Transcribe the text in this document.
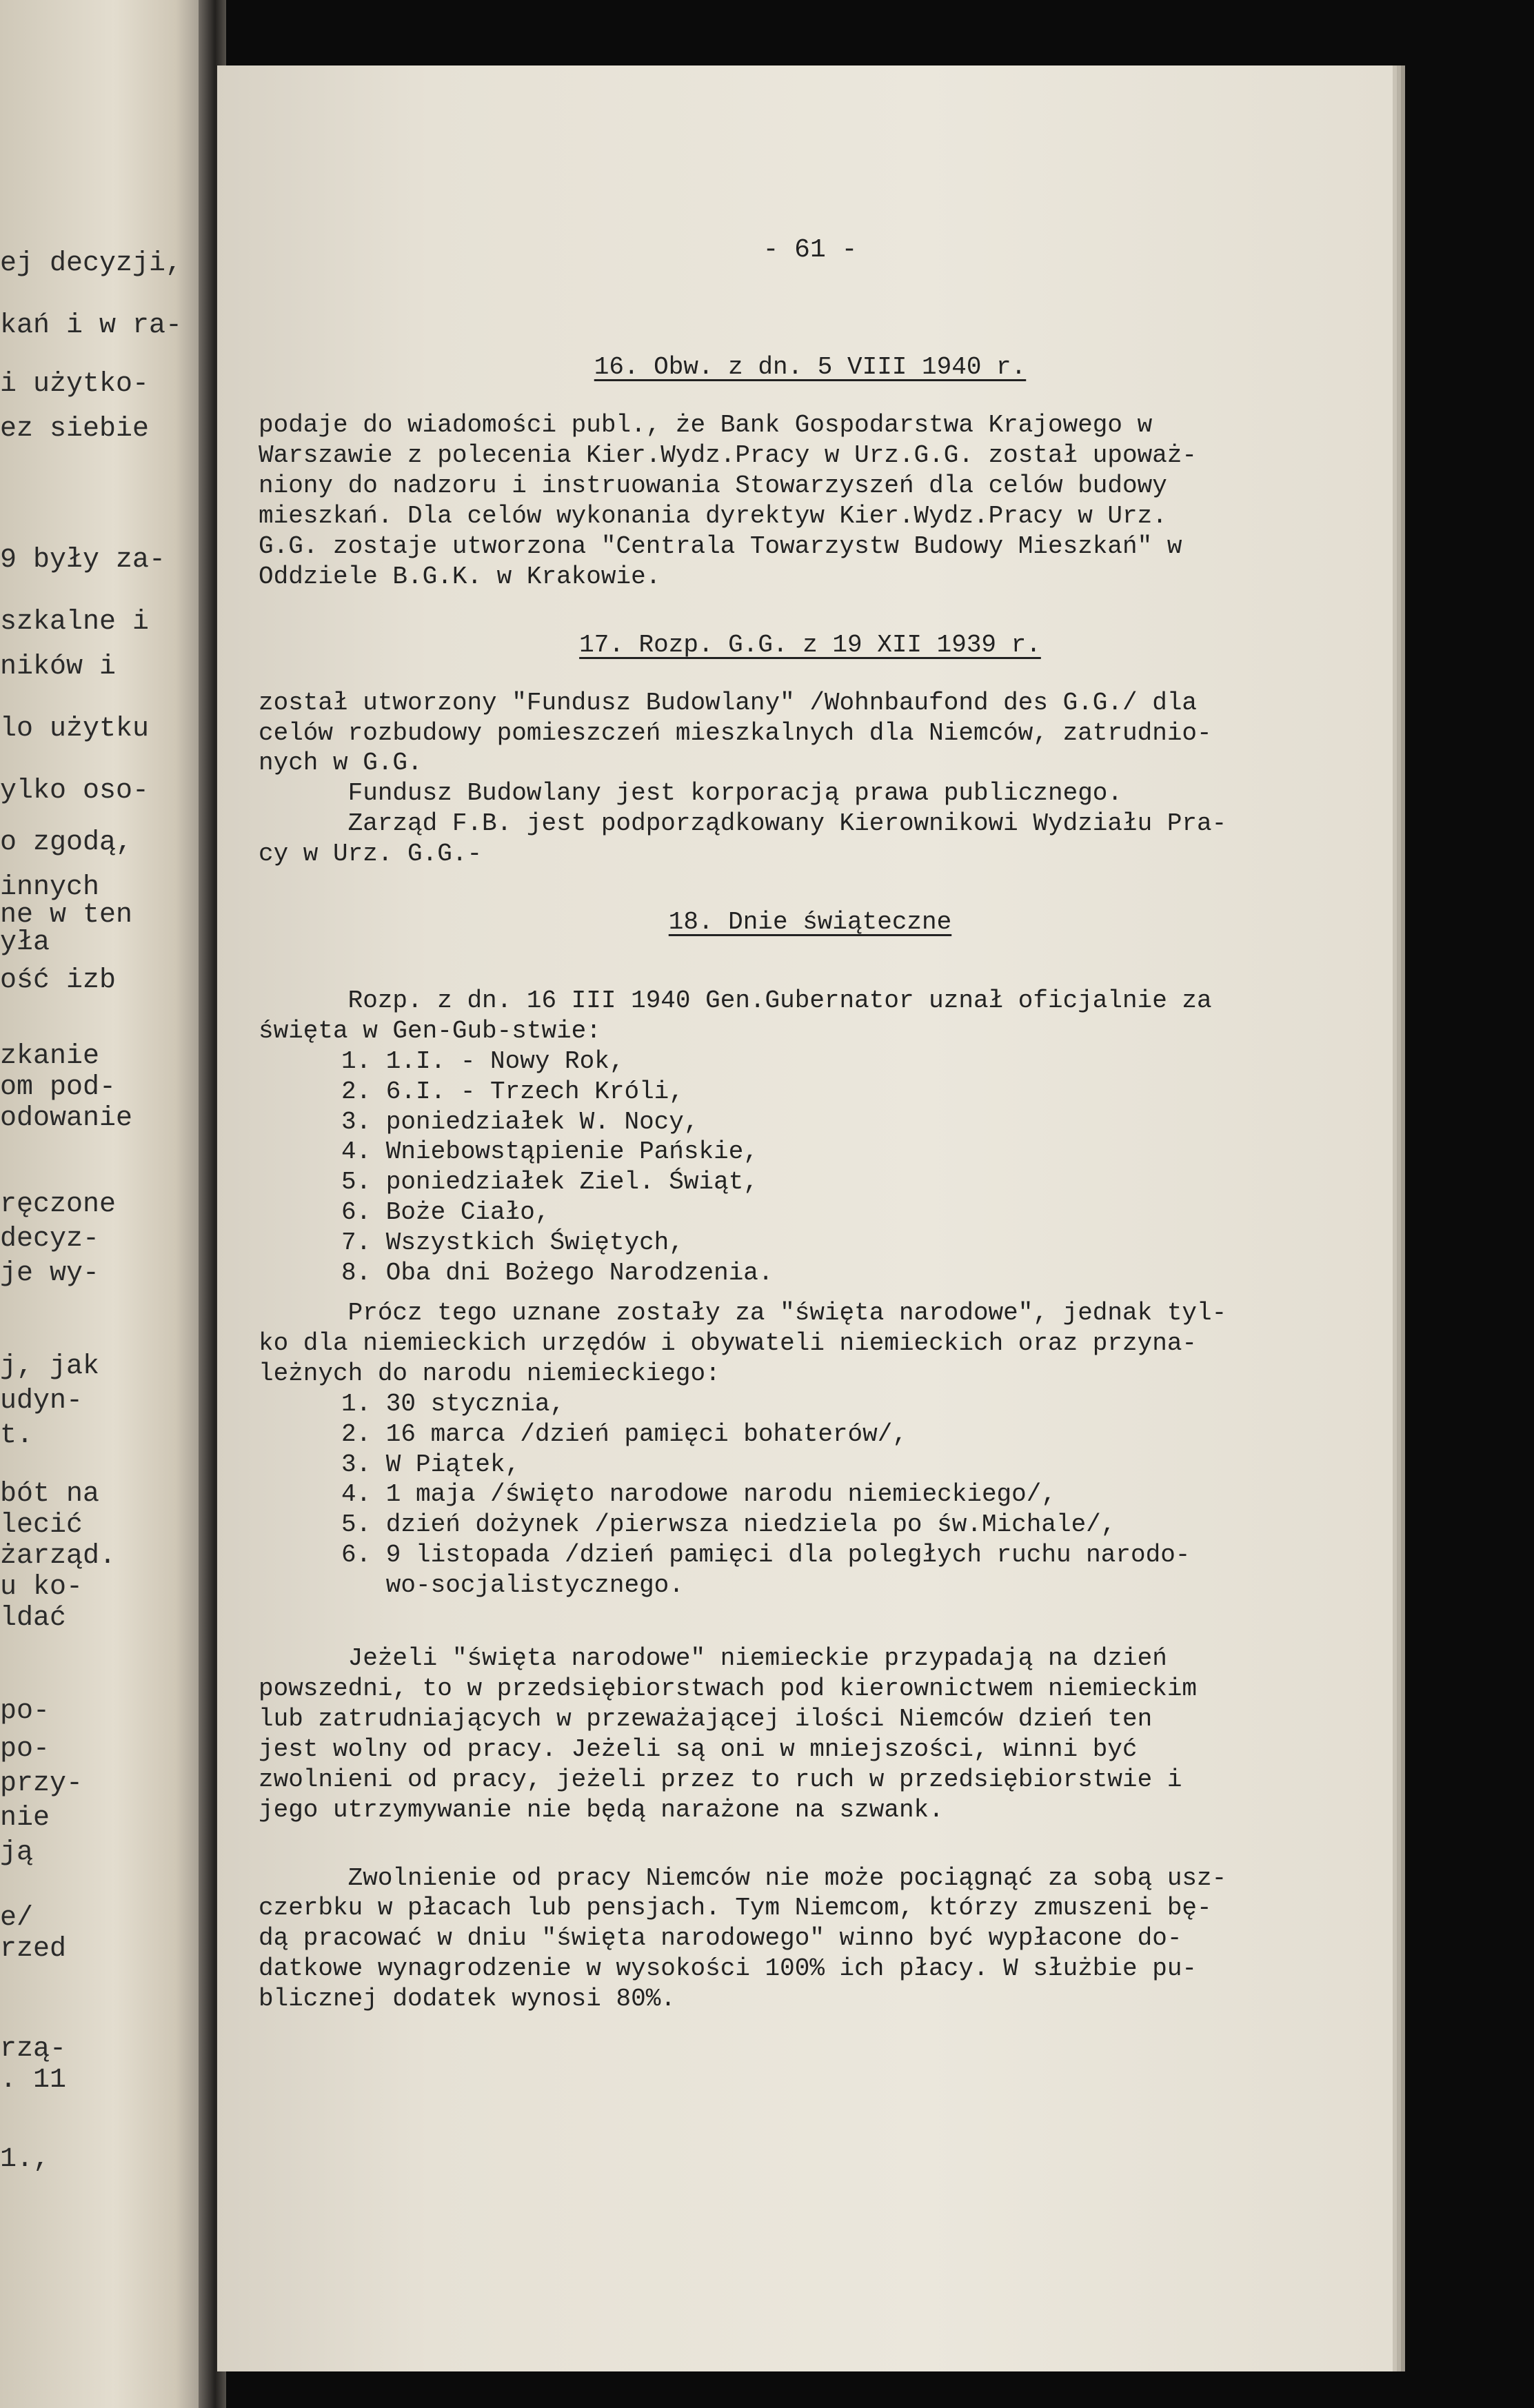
ej decyzji,
kań i w ra-
i użytko-
ez siebie
9 były za-
szkalne i
ników i
lo użytku
ylko oso-
o zgodą,
innych
ne w ten
yła
ość izb
zkanie
om pod-
odowanie
ręczone
decyz-
je wy-
j, jak
udyn-
t.
bót na
lecić
żarząd.
u ko-
ldać
po-
po-
przy-
nie
ją
e/
rzed
rzą-
. 11
1.,
- 61 -
16. Obw. z dn. 5 VIII 1940 r.
podaje do wiadomości publ., że Bank Gospodarstwa Krajowego w
Warszawie z polecenia Kier.Wydz.Pracy w Urz.G.G. został upoważ-
niony do nadzoru i instruowania Stowarzyszeń dla celów budowy
mieszkań. Dla celów wykonania dyrektyw Kier.Wydz.Pracy w Urz.
G.G. zostaje utworzona "Centrala Towarzystw Budowy Mieszkań" w
Oddziele B.G.K. w Krakowie.
17. Rozp. G.G. z 19 XII 1939 r.
został utworzony "Fundusz Budowlany" /Wohnbaufond des G.G./ dla
celów rozbudowy pomieszczeń mieszkalnych dla Niemców, zatrudnio-
nych w G.G.
Fundusz Budowlany jest korporacją prawa publicznego.
Zarząd F.B. jest podporządkowany Kierownikowi Wydziału Pra-
cy w Urz. G.G.-
18. Dnie świąteczne
Rozp. z dn. 16 III 1940 Gen.Gubernator uznał oficjalnie za
święta w Gen-Gub-stwie:
1. 1.I. - Nowy Rok,
2. 6.I. - Trzech Króli,
3. poniedziałek W. Nocy,
4. Wniebowstąpienie Pańskie,
5. poniedziałek Ziel. Świąt,
6. Boże Ciało,
7. Wszystkich Świętych,
8. Oba dni Bożego Narodzenia.
Prócz tego uznane zostały za "święta narodowe", jednak tyl-
ko dla niemieckich urzędów i obywateli niemieckich oraz przyna-
leżnych do narodu niemieckiego:
1. 30 stycznia,
2. 16 marca /dzień pamięci bohaterów/,
3. W Piątek,
4. 1 maja /święto narodowe narodu niemieckiego/,
5. dzień dożynek /pierwsza niedziela po św.Michale/,
6. 9 listopada /dzień pamięci dla poległych ruchu narodo-
wo-socjalistycznego.
Jeżeli "święta narodowe" niemieckie przypadają na dzień
powszedni, to w przedsiębiorstwach pod kierownictwem niemieckim
lub zatrudniających w przeważającej ilości Niemców dzień ten
jest wolny od pracy. Jeżeli są oni w mniejszości, winni być
zwolnieni od pracy, jeżeli przez to ruch w przedsiębiorstwie i
jego utrzymywanie nie będą narażone na szwank.
Zwolnienie od pracy Niemców nie może pociągnąć za sobą usz-
czerbku w płacach lub pensjach. Tym Niemcom, którzy zmuszeni bę-
dą pracować w dniu "święta narodowego" winno być wypłacone do-
datkowe wynagrodzenie w wysokości 100% ich płacy. W służbie pu-
blicznej dodatek wynosi 80%.
